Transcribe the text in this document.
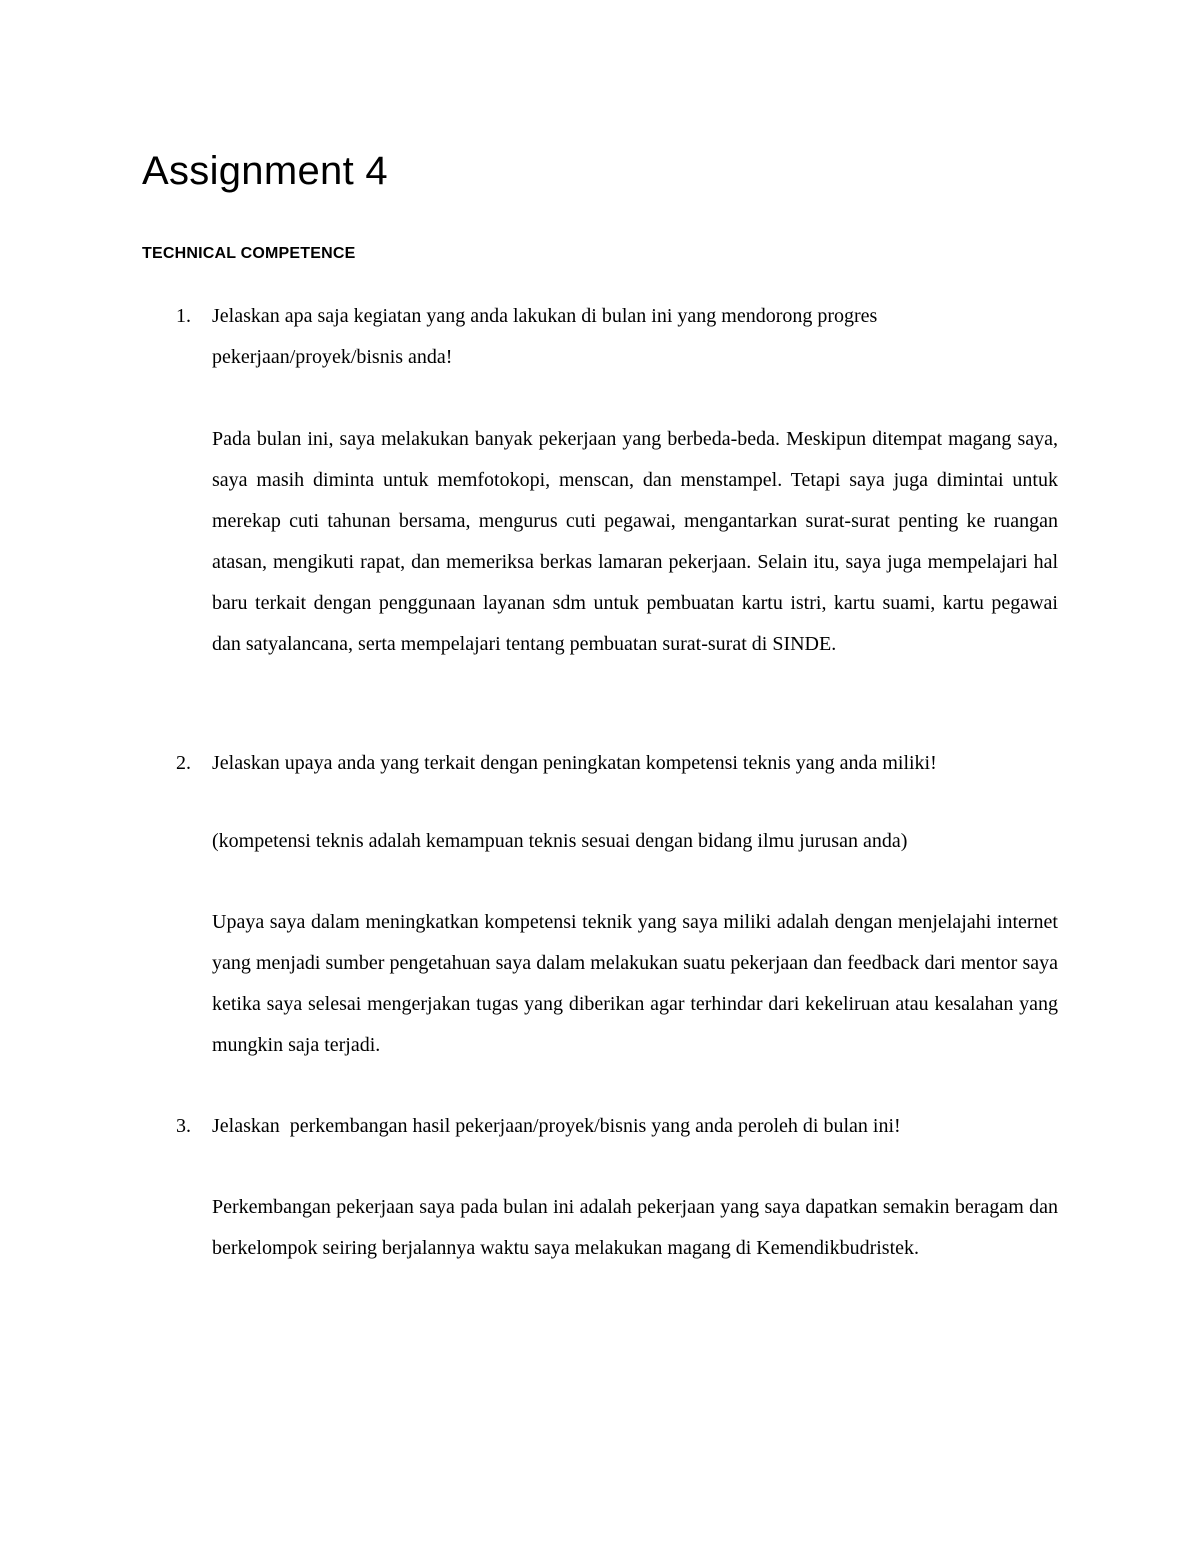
Assignment 4
TECHNICAL COMPETENCE
1. Jelaskan apa saja kegiatan yang anda lakukan di bulan ini yang mendorong progres pekerjaan/proyek/bisnis anda!

Pada bulan ini, saya melakukan banyak pekerjaan yang berbeda-beda. Meskipun ditempat magang saya, saya masih diminta untuk memfotokopi, menscan, dan menstampel. Tetapi saya juga dimintai untuk merekap cuti tahunan bersama, mengurus cuti pegawai, mengantarkan surat-surat penting ke ruangan atasan, mengikuti rapat, dan memeriksa berkas lamaran pekerjaan. Selain itu, saya juga mempelajari hal baru terkait dengan penggunaan layanan sdm untuk pembuatan kartu istri, kartu suami, kartu pegawai dan satyalancana, serta mempelajari tentang pembuatan surat-surat di SINDE.

2. Jelaskan upaya anda yang terkait dengan peningkatan kompetensi teknis yang anda miliki!

(kompetensi teknis adalah kemampuan teknis sesuai dengan bidang ilmu jurusan anda)

Upaya saya dalam meningkatkan kompetensi teknik yang saya miliki adalah dengan menjelajahi internet yang menjadi sumber pengetahuan saya dalam melakukan suatu pekerjaan dan feedback dari mentor saya ketika saya selesai mengerjakan tugas yang diberikan agar terhindar dari kekeliruan atau kesalahan yang mungkin saja terjadi.

3. Jelaskan  perkembangan hasil pekerjaan/proyek/bisnis yang anda peroleh di bulan ini!

Perkembangan pekerjaan saya pada bulan ini adalah pekerjaan yang saya dapatkan semakin beragam dan berkelompok seiring berjalannya waktu saya melakukan magang di Kemendikbudristek.
